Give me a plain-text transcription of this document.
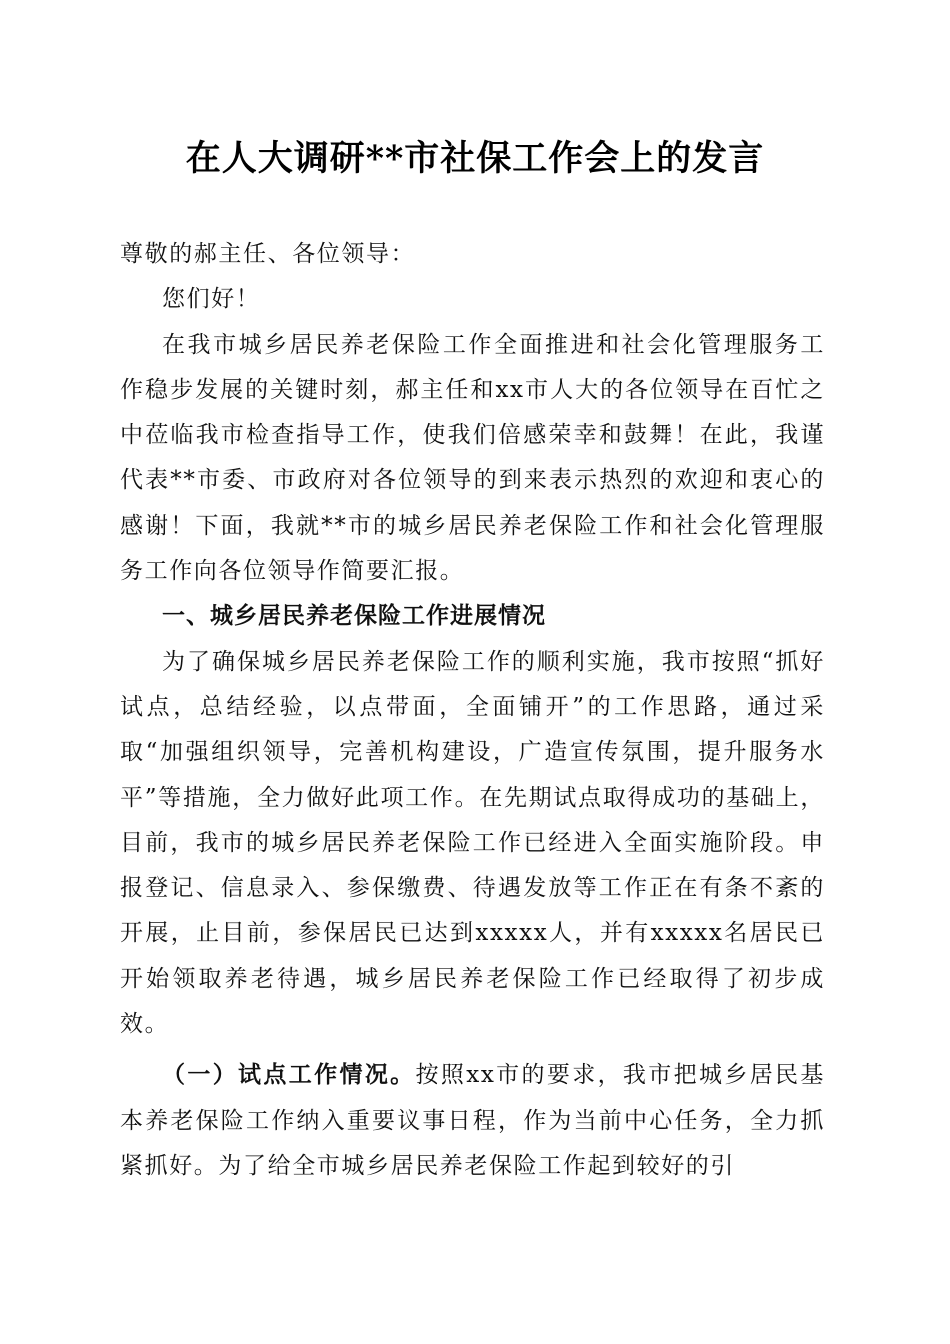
在人大调研**市社保工作会上的发言

尊敬的郝主任、各位领导：

您们好！

在我市城乡居民养老保险工作全面推进和社会化管理服务工作稳步发展的关键时刻，郝主任和xx市人大的各位领导在百忙之中莅临我市检查指导工作，使我们倍感荣幸和鼓舞！在此，我谨代表**市委、市政府对各位领导的到来表示热烈的欢迎和衷心的感谢！下面，我就**市的城乡居民养老保险工作和社会化管理服务工作向各位领导作简要汇报。

一、城乡居民养老保险工作进展情况

为了确保城乡居民养老保险工作的顺利实施，我市按照“抓好试点，总结经验，以点带面，全面铺开”的工作思路，通过采取“加强组织领导，完善机构建设，广造宣传氛围，提升服务水平”等措施，全力做好此项工作。在先期试点取得成功的基础上，目前，我市的城乡居民养老保险工作已经进入全面实施阶段。申报登记、信息录入、参保缴费、待遇发放等工作正在有条不紊的开展，止目前，参保居民已达到xxxxx人，并有xxxxx名居民已开始领取养老待遇，城乡居民养老保险工作已经取得了初步成效。

（一）试点工作情况。按照xx市的要求，我市把城乡居民基本养老保险工作纳入重要议事日程，作为当前中心任务，全力抓紧抓好。为了给全市城乡居民养老保险工作起到较好的引
